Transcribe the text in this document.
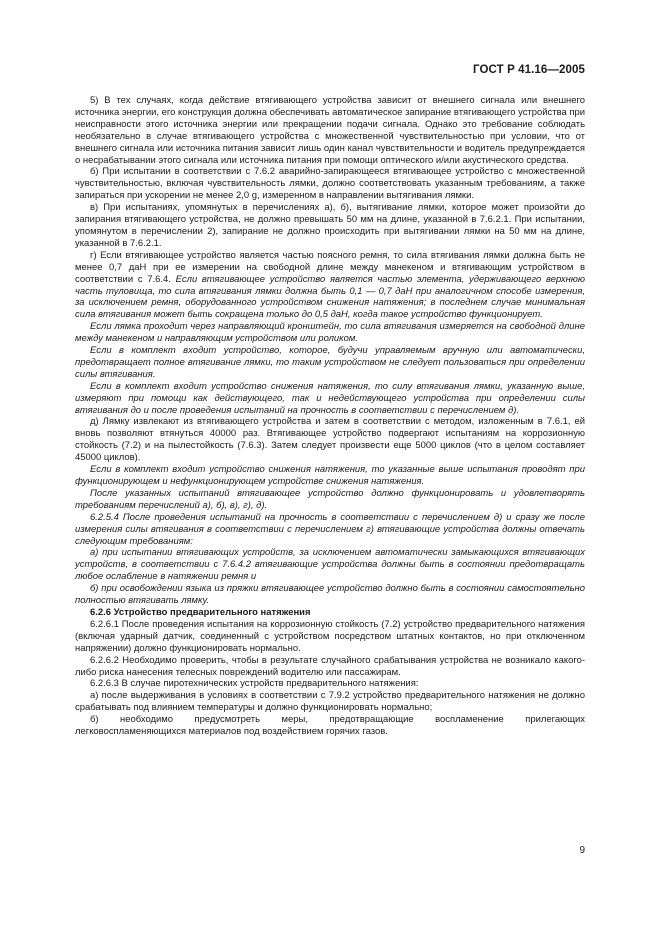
ГОСТ Р 41.16—2005

5) В тех случаях, когда действие втягивающего устройства зависит от внешнего сигнала или внешнего источника энергии, его конструкция должна обеспечивать автоматическое запирание втягивающего устройства при неисправности этого источника энергии или прекращении подачи сигнала. Однако это требование соблюдать необязательно в случае втягивающего устройства с множественной чувствительностью при условии, что от внешнего сигнала или источника питания зависит лишь один канал чувствительности и водитель предупреждается о несрабатывании этого сигнала или источника питания при помощи оптического и/или акустического средства.

б) При испытании в соответствии с 7.6.2 аварийно-запирающееся втягивающее устройство с множественной чувствительностью, включая чувствительность лямки, должно соответствовать указанным требованиям, а также запираться при ускорении не менее 2,0 g, измеренном в направлении вытягивания лямки.

в) При испытаниях, упомянутых в перечислениях а), б), вытягивание лямки, которое может произойти до запирания втягивающего устройства, не должно превышать 50 мм на длине, указанной в 7.6.2.1. При испытании, упомянутом в перечислении 2), запирание не должно происходить при вытягивании лямки на 50 мм на длине, указанной в 7.6.2.1.

г) Если втягивающее устройство является частью поясного ремня, то сила втягивания лямки должна быть не менее 0,7 даН при ее измерении на свободной длине между манекеном и втягивающим устройством в соответствии с 7.6.4. Если втягивающее устройство является частью элемента, удерживающего верхнюю часть туловища, то сила втягивания лямки должна быть 0,1 — 0,7 даН при аналогичном способе измерения, за исключением ремня, оборудованного устройством снижения натяжения; в последнем случае минимальная сила втягивания может быть сокращена только до 0,5 даН, когда такое устройство функционирует.

Если лямка проходит через направляющий кронштейн, то сила втягивания измеряется на свободной длине между манекеном и направляющим устройством или роликом.

Если в комплект входит устройство, которое, будучи управляемым вручную или автоматически, предотвращает полное втягивание лямки, то таким устройством не следует пользоваться при определении силы втягивания.

Если в комплект входит устройство снижения натяжения, то силу втягивания лямки, указанную выше, измеряют при помощи как действующего, так и недействующего устройства при определении силы втягивания до и после проведения испытаний на прочность в соответствии с перечислением д).

д) Лямку извлекают из втягивающего устройства и затем в соответствии с методом, изложенным в 7.6.1, ей вновь позволяют втянуться 40000 раз. Втягивающее устройство подвергают испытаниям на коррозионную стойкость (7.2) и на пылестойкость (7.6.3). Затем следует произвести еще 5000 циклов (что в целом составляет 45000 циклов).

Если в комплект входит устройство снижения натяжения, то указанные выше испытания проводят при функционирующем и нефункционирующем устройстве снижения натяжения.

После указанных испытаний втягивающее устройство должно функционировать и удовлетворять требованиям перечислений а), б), в), г), д).

6.2.5.4 После проведения испытаний на прочность в соответствии с перечислением д) и сразу же после измерения силы втягивания в соответствии с перечислением г) втягивающие устройства должны отвечать следующим требованиям:

а) при испытании втягивающих устройств, за исключением автоматически замыкающихся втягивающих устройств, в соответствии с 7.6.4.2 втягивающие устройства должны быть в состоянии предотвращать любое ослабление в натяжении ремня и

б) при освобождении языка из пряжки втягивающее устройство должно быть в состоянии самостоятельно полностью втягивать лямку.

6.2.6 Устройство предварительного натяжения

6.2.6.1 После проведения испытания на коррозионную стойкость (7.2) устройство предварительного натяжения (включая ударный датчик, соединенный с устройством посредством штатных контактов, но при отключенном напряжении) должно функционировать нормально.

6.2.6.2 Необходимо проверить, чтобы в результате случайного срабатывания устройства не возникало какого-либо риска нанесения телесных повреждений водителю или пассажирам.

6.2.6.3 В случае пиротехнических устройств предварительного натяжения:

а) после выдерживания в условиях в соответствии с 7.9.2 устройство предварительного натяжения не должно срабатывать под влиянием температуры и должно функционировать нормально;

б) необходимо предусмотреть меры, предотвращающие воспламенение прилегающих легковоспламеняющихся материалов под воздействием горячих газов.

9
